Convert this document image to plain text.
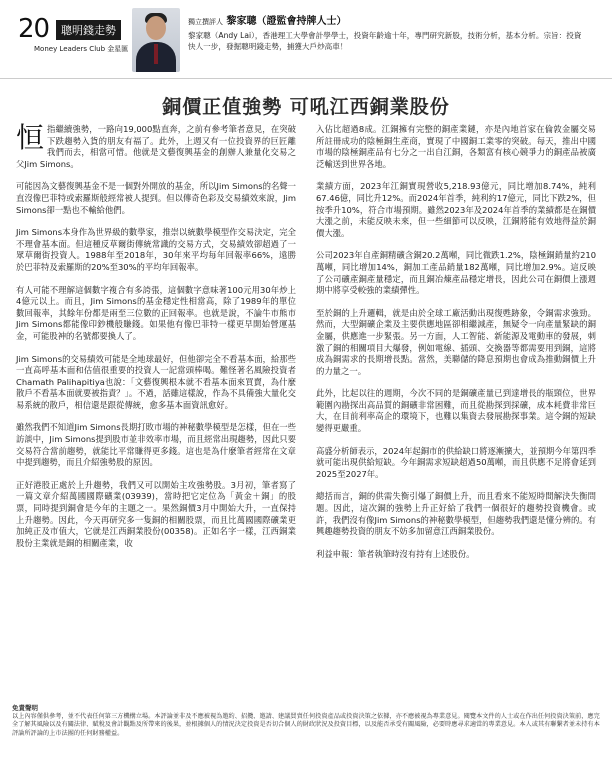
20	聰明錢走勢
Money Leaders Club 金星匯
獨立撰評人 黎家聰（證監會持牌人士）
黎家聰（Andy Lai），香港理工大學會計學學士，投資年齡逾十年，專門研究新股，技術分析，基本分析。宗旨：投資快人一步，發掘聰明錢走勢，捕獲大戶炒高車！
銅價正值強勢 可吼江西銅業股份

恒指繼續強勢，一路向19,000點直奔，之前有參考筆者意見，在突破下跌趨勢入貨的朋友有福了。此外，上週又有一位投資界的巨匠離我們而去，相當可惜。他就是文藝復興基金的創辦人兼量化交易之父Jim Simons。

可能因為文藝復興基金不是一個對外開放的基金，所以Jim Simons的名聲一直沒像巴菲特或索羅斯般經常被人提到。但以傳奇色彩及交易績效來說，Jim Simons卻一點也不輸給他們。

Jim Simons本身作為世界級的數學家，推崇以統數學模型作交易決定，完全不理會基本面。但這種反草爾街傳統常識的交易方式，交易績效卻超過了一眾草爾街投資人。1988年至2018年，30年來平均每年回報率66%，遠勝於巴菲特及索羅斯的20%至30%的平均年回報率。

有人可能不理解這個數字複合有多誇張，這個數字意味著100元用30年炒上4億元以上。而且，Jim Simons的基金穩定性相當高，除了1989年的單位數回報率，其餘年份都是兩至三位數的正回報率。也就是說，不論牛市熊市Jim Simons都能像印鈔機般賺錢。如果他有像巴菲特一樣更早開始營運基金，可能股神的名號都要換人了。

Jim Simons的交易績效可能是全地球最好，但他卻完全不看基本面，給那些一直高呼基本面和估值很重要的投資人一記當頭棒喝。難怪著名風險投資者Chamath Palihapitiya也說：「文藝復興根本就不看基本面來買賣，為什麼散戶不看基本面就要被指責？」。不過，話雖這樣說，作為不具備強大量化交易系統的散戶，相信還是跟從傳統，愈多基本面資訊愈好。

雖然我們不知道Jim Simons長期打敗市場的神秘數學模型是怎樣，但在一些訪談中，Jim Simons提到股市並非效率市場，而且經常出現趨勢，因此只要交易符合當前趨勢，就能比平常賺得更多錢。這也是為什麼筆者經常在文章中提到趨勢，而且介紹強勢股的原因。

正好港股正處於上升趨勢，我們又可以開始主攻強勢股。3月初，筆者寫了一篇文章介紹萬國國際礦業(03939)，當時把它定位為「黃金＋銅」的股票，同時提到銅會是今年的主題之一。果然銅價3月中開始大升，一直保持上升趨勢。因此，今天再研究多一隻銅的相關股票，而且比萬國國際礦業更加純正及市值大，它就是江西銅業股份(00358)。正如名字一樣，江西銅業股份主業就是銅的相關產業，收

入佔比超過8成。江銅擁有完整的銅產業鏈，亦是內地首家在倫敦金屬交易所註冊成功的陰極銅生產商，實現了中國銅工業零的突破。每天，推出中國市場的陰極銅產品有七分之一出自江銅，各類富有核心競爭力的銅產品被廣泛輸送到世界各地。

業績方面，2023年江銅實現營收5,218.93億元，同比增加8.74%，純利67.46億，同比升12%。而2024年首季，純利約17億元，同比下跌2%，但按季升10%，符合市場預期。雖然2023年及2024年首季的業績都是在銅價大漲之前，未能反映未來，但一些細節可以反映，江銅將能有效地得益於銅價大漲。

公司2023年自產銅精礦含銅20.2萬噸，同比微跌1.2%，陰極銅銷量約210萬噸，同比增加14%，銅加工產品銷量182萬噸，同比增加2.9%。這反映了公司礦產銅產量穩定，而且銅冶煉產品穩定增長，因此公司在銅價上漲週期中將享受較強的業績彈性。

至於銅的上升邏輯，就是由於全球工廠活動出現復甦跡象，令銅需求強勁。然而，大型銅礦企業及主要供應地區卻相繼減產，無疑令一向產量緊缺的銅金屬，供應進一步緊張。另一方面，人工智能、新能源及電動車的發展，刺激了銅的相關項目大爆發，例如電線、插頭、交換器等都需要用到銅，這將成為銅需求的長期增長點。當然，美聯儲的降息預期也會成為推動銅價上升的力量之一。

此外，比起以往的週期，今次不同的是銅礦產量已到達增長的瓶頸位，世界範圍內勘探出高品質的銅礦非常困難，而且從勘探到採礦，成本耗費非常巨大，在目前利率高企的環境下，也難以集資去發展勘探事業。這令銅的短缺變得更嚴重。

高盛分析師表示，2024年起銅市的供給缺口將逐漸擴大，並預期今年第四季就可能出現供給短缺。今年銅需求短缺超過50萬噸，而且供應不足將會延到2025至2027年。

總括而言，銅的供需失衡引爆了銅價上升，而且看來不能短時間解決失衡問題。因此，這次銅的強勢上升正好給了我們一個很好的趨勢投資機會。或許，我們沒有像Jim Simons的神秘數學模型，但趨勢我們還是懂分辨的。有興趣趨勢投資的朋友不妨多加留意江西銅業股份。

利益申報：筆者執筆時沒有持有上述股份。

免責聲明
以上內容僅供參考，並不代表任何第三方機構立場。本評論並非及不應被視為邀約、招攬、邀請、建議買賣任何投資產品或投資決策之依據，亦不應被視為專業意見。閱覽本文件的人士或在作出任何投資決策前，應完全了解其風險以及有關法律、賦稅及會計觀點及所帶來的後果，並根據個人的情況決定投資是否切合個人的財政狀況及投資目標，以及能否承受有關風險，必要時應尋求適當的專業意見。本人或其有聯繫者並未持有本評論所評論的上市法團的任何財務權益。
